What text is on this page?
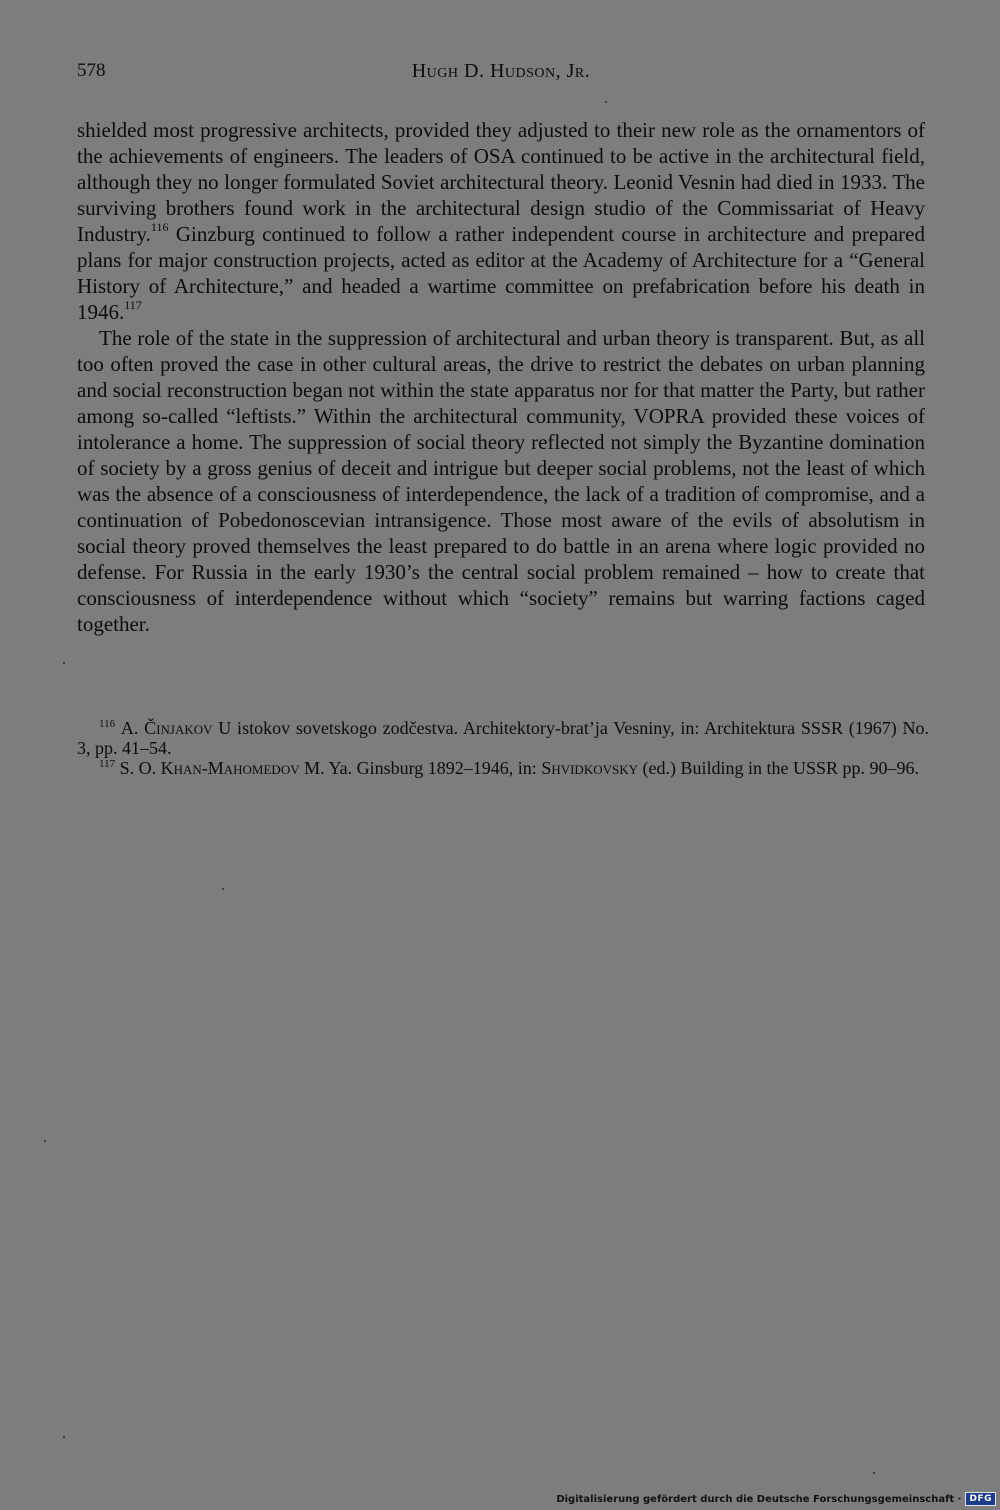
578	Hugh D. Hudson, Jr.

shielded most progressive architects, provided they adjusted to their new role as the ornamentors of the achievements of engineers. The leaders of OSA continued to be active in the architectural field, although they no longer formulated Soviet architectural theory. Leonid Vesnin had died in 1933. The surviving brothers found work in the architectural design studio of the Commissariat of Heavy Industry.$^{116}$ Ginzburg continued to follow a rather independent course in architecture and prepared plans for major construction projects, acted as editor at the Academy of Architecture for a “General History of Architecture,” and headed a wartime committee on prefabrication before his death in 1946.$^{117}$

The role of the state in the suppression of architectural and urban theory is transparent. But, as all too often proved the case in other cultural areas, the drive to restrict the debates on urban planning and social reconstruction began not within the state apparatus nor for that matter the Party, but rather among so-called “leftists.” Within the architectural community, VOPRA provided these voices of intolerance a home. The suppression of social theory reflected not simply the Byzantine domination of society by a gross genius of deceit and intrigue but deeper social problems, not the least of which was the absence of a consciousness of interdependence, the lack of a tradition of compromise, and a continuation of Pobedonoscevian intransigence. Those most aware of the evils of absolutism in social theory proved themselves the least prepared to do battle in an arena where logic provided no defense. For Russia in the early 1930’s the central social problem remained – how to create that consciousness of interdependence without which “society” remains but warring factions caged together.

$^{116}$ A. Činjakov U istokov sovetskogo zodčestva. Architektory-brat’ja Vesniny, in: Architektura SSSR (1967) No. 3, pp. 41–54.

$^{117}$ S. O. Khan-Mahomedov M. Ya. Ginsburg 1892–1946, in: Shvidkovsky (ed.) Building in the USSR pp. 90–96.

Digitalisierung gefördert durch die Deutsche Forschungsgemeinschaft · DFG
